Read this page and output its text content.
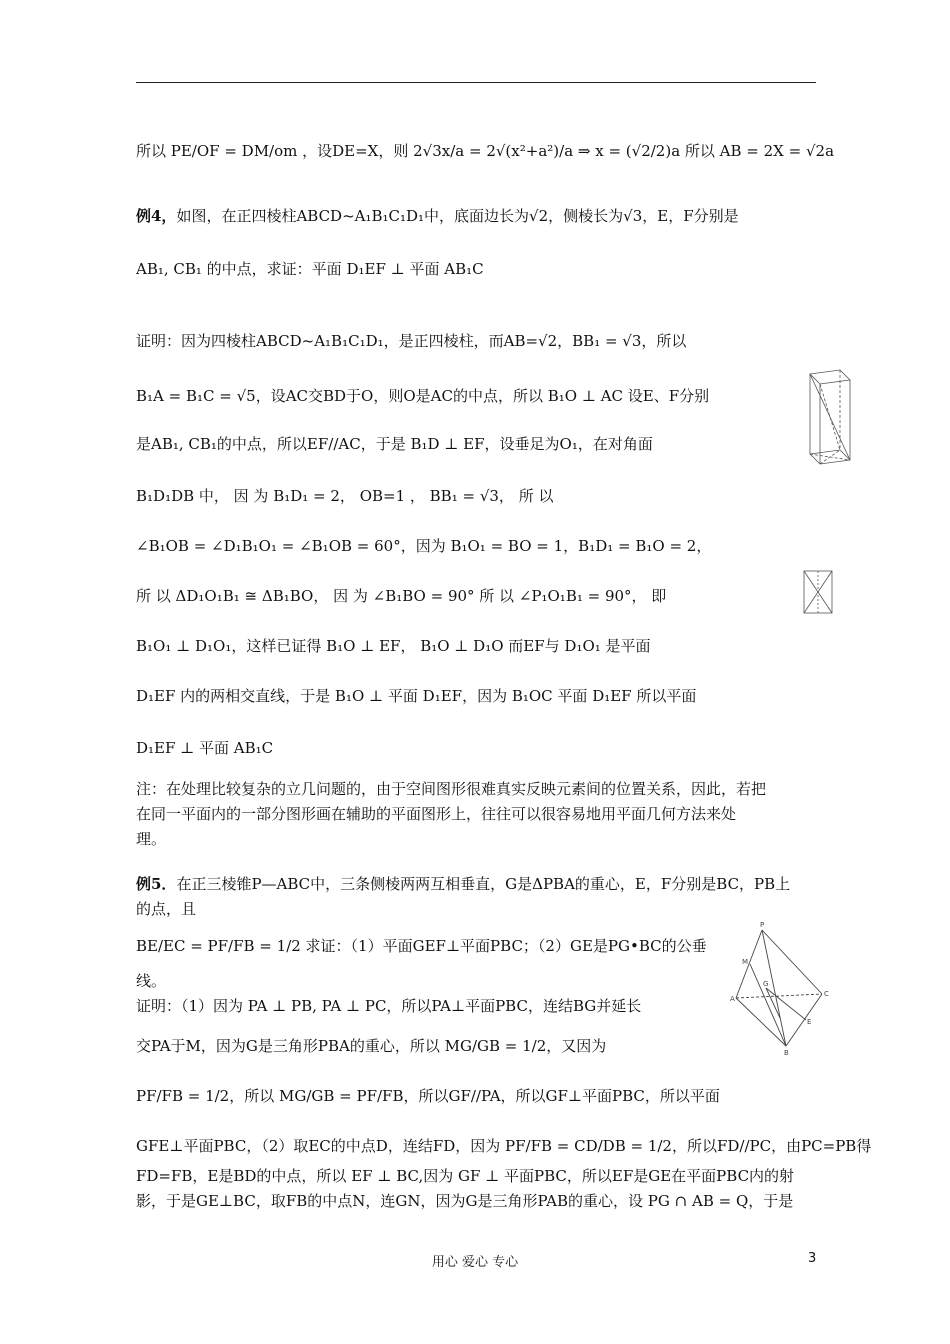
所以 PE/OF = DM/om ，设DE=X，则 2√3x/a = 2√(x²+a²)/a ⇒ x = (√2/2)a 所以 AB = 2X = √2a
例4，如图，在正四棱柱ABCD~A₁B₁C₁D₁中，底面边长为√2，侧棱长为√3，E，F分别是
AB₁, CB₁ 的中点，求证：平面 D₁EF ⊥ 平面 AB₁C
证明：因为四棱柱ABCD~A₁B₁C₁D₁，是正四棱柱，而AB=√2，BB₁ = √3，所以
B₁A = B₁C = √5，设AC交BD于O，则O是AC的中点，所以 B₁O ⊥ AC 设E、F分别
是AB₁, CB₁的中点，所以EF//AC，于是 B₁D ⊥ EF，设垂足为O₁，在对角面
B₁D₁DB 中， 因 为 B₁D₁ = 2， OB=1 ， BB₁ = √3， 所 以
∠B₁OB = ∠D₁B₁O₁ = ∠B₁OB = 60°，因为 B₁O₁ = BO = 1，B₁D₁ = B₁O = 2，
所 以 ΔD₁O₁B₁ ≅ ΔB₁BO， 因 为 ∠B₁BO = 90° 所 以 ∠P₁O₁B₁ = 90°， 即
B₁O₁ ⊥ D₁O₁，这样已证得 B₁O ⊥ EF， B₁O ⊥ D₁O 而EF与 D₁O₁ 是平面
D₁EF 内的两相交直线，于是 B₁O ⊥ 平面 D₁EF，因为 B₁OC 平面 D₁EF 所以平面
D₁EF ⊥ 平面 AB₁C
注：在处理比较复杂的立几问题的，由于空间图形很难真实反映元素间的位置关系，因此，若把
在同一平面内的一部分图形画在辅助的平面图形上，往往可以很容易地用平面几何方法来处
理。
例5．在正三棱锥P—ABC中，三条侧棱两两互相垂直，G是ΔPBA的重心，E，F分别是BC，PB上
的点，且
BE/EC = PF/FB = 1/2 求证：（1）平面GEF⊥平面PBC；（2）GE是PG•BC的公垂
线。
证明：（1）因为 PA ⊥ PB, PA ⊥ PC，所以PA⊥平面PBC，连结BG并延长
交PA于M，因为G是三角形PBA的重心，所以 MG/GB = 1/2，又因为
PF/FB = 1/2，所以 MG/GB = PF/FB，所以GF//PA，所以GF⊥平面PBC，所以平面
GFE⊥平面PBC，（2）取EC的中点D，连结FD，因为 PF/FB = CD/DB = 1/2，所以FD//PC，由PC=PB得
FD=FB，E是BD的中点，所以 EF ⊥ BC,因为 GF ⊥ 平面PBC，所以EF是GE在平面PBC内的射
影，于是GE⊥BC，取FB的中点N，连GN，因为G是三角形PAB的重心，设 PG ∩ AB = Q，于是
P
M
A
C
B
G
E
用心 爱心 专心	3
